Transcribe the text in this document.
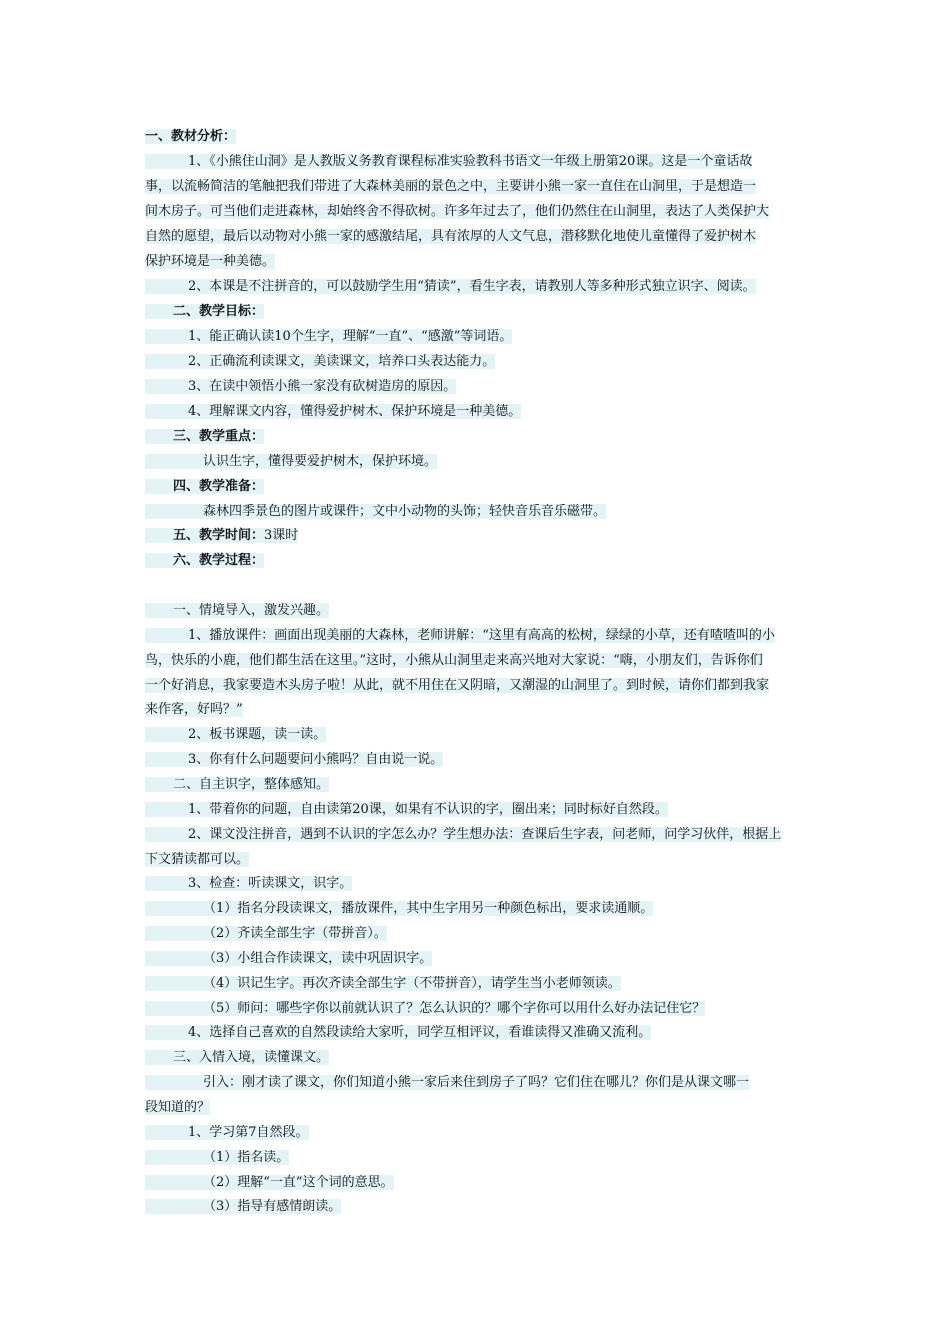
一、教材分析：
1、《小熊住山洞》是人教版义务教育课程标准实验教科书语文一年级上册第20课。这是一个童话故
事，以流畅简洁的笔触把我们带进了大森林美丽的景色之中，主要讲小熊一家一直住在山洞里，于是想造一
间木房子。可当他们走进森林，却始终舍不得砍树。许多年过去了，他们仍然住在山洞里，表达了人类保护大
自然的愿望，最后以动物对小熊一家的感激结尾，具有浓厚的人文气息，潜移默化地使儿童懂得了爱护树木
保护环境是一种美德。
2、本课是不注拼音的，可以鼓励学生用“猜读”，看生字表，请教别人等多种形式独立识字、阅读。
二、教学目标：
1、能正确认读10个生字，理解“一直”、“感激”等词语。
2、正确流利读课文，美读课文，培养口头表达能力。
3、在读中领悟小熊一家没有砍树造房的原因。
4、理解课文内容，懂得爱护树木、保护环境是一种美德。
三、教学重点：
认识生字，懂得要爱护树木，保护环境。
四、教学准备：
森林四季景色的图片或课件；文中小动物的头饰；轻快音乐音乐磁带。
五、教学时间：3课时
六、教学过程：
一、情境导入，激发兴趣。
1、播放课件：画面出现美丽的大森林，老师讲解：“这里有高高的松树，绿绿的小草，还有喳喳叫的小
鸟，快乐的小鹿，他们都生活在这里。”这时，小熊从山洞里走来高兴地对大家说：“嗨，小朋友们，告诉你们
一个好消息，我家要造木头房子啦！从此，就不用住在又阴暗，又潮湿的山洞里了。到时候，请你们都到我家
来作客，好吗？”
2、板书课题，读一读。
3、你有什么问题要问小熊吗？自由说一说。
二、自主识字，整体感知。
1、带着你的问题，自由读第20课，如果有不认识的字，圈出来；同时标好自然段。
2、课文没注拼音，遇到不认识的字怎么办？学生想办法：查课后生字表，问老师，问学习伙伴，根据上
下文猜读都可以。
3、检查：听读课文，识字。
（1）指名分段读课文，播放课件，其中生字用另一种颜色标出，要求读通顺。
（2）齐读全部生字（带拼音）。
（3）小组合作读课文，读中巩固识字。
（4）识记生字。再次齐读全部生字（不带拼音），请学生当小老师领读。
（5）师问：哪些字你以前就认识了？怎么认识的？哪个字你可以用什么好办法记住它？
4、选择自己喜欢的自然段读给大家听，同学互相评议，看谁读得又准确又流利。
三、入情入境，读懂课文。
引入：刚才读了课文，你们知道小熊一家后来住到房子了吗？它们住在哪儿？你们是从课文哪一
段知道的？
1、学习第7自然段。
（1）指名读。
（2）理解“一直”这个词的意思。
（3）指导有感情朗读。
